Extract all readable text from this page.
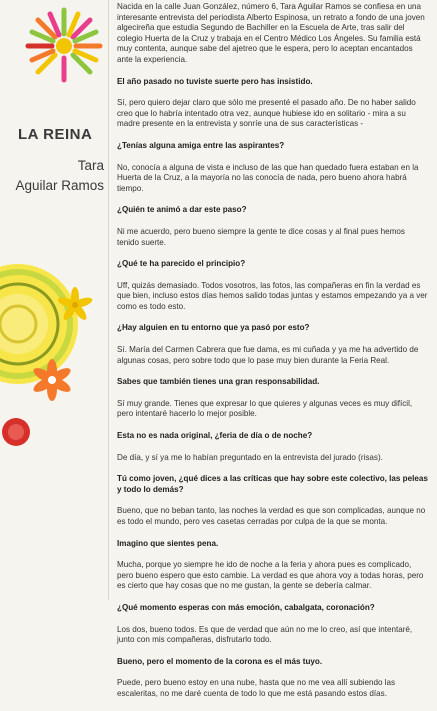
LA REINA
Tara
Aguilar Ramos

Nacida en la calle Juan González, número 6, Tara Aguilar Ramos se confiesa en una interesante entrevista del periodista Alberto Espinosa, un retrato a fondo de una joven algecireña que estudia Segundo de Bachiller en la Escuela de Arte, tras salir del colegio Huerta de la Cruz y trabaja en el Centro Médico Los Ángeles. Su familia está muy contenta, aunque sabe del ajetreo que le espera, pero lo aceptan encantados ante la experiencia.

El año pasado no tuviste suerte pero has insistido.

Sí, pero quiero dejar claro que sólo me presenté el pasado año. De no haber salido creo que lo habría intentado otra vez, aunque hubiese ido en solitario - mira a su madre presente en la entrevista y sonríe una de sus características -

¿Tenías alguna amiga entre las aspirantes?

No, conocía a alguna de vista e incluso de las que han quedado fuera estaban en la Huerta de la Cruz, a la mayoría no las conocía de nada, pero bueno ahora habrá tiempo.

¿Quién te animó a dar este paso?

Ni me acuerdo, pero bueno siempre la gente te dice cosas y al final pues hemos tenido suerte.

¿Qué te ha parecido el principio?

Uff, quizás demasiado. Todos vosotros, las fotos, las compañeras en fin la verdad es que bien, incluso estos días hemos salido todas juntas y estamos empezando ya a ver como es todo esto.

¿Hay alguien en tu entorno que ya pasó por esto?

Sí. María del Carmen Cabrera que fue dama, es mi cuñada y ya me ha advertido de algunas cosas, pero sobre todo que lo pase muy bien durante la Feria Real.

Sabes que también tienes una gran responsabilidad.

Sí muy grande. Tienes que expresar lo que quieres y algunas veces es muy difícil, pero intentaré hacerlo lo mejor posible.

Esta no es nada original, ¿feria de día o de noche?

De día, y sí ya me lo habían preguntado en la entrevista del jurado (risas).

Tú como joven, ¿qué dices a las críticas que hay sobre este colectivo, las peleas y todo lo demás?

Bueno, que no beban tanto, las noches la verdad es que son complicadas, aunque no es todo el mundo, pero ves casetas cerradas por culpa de la que se monta.

Imagino que sientes pena.

Mucha, porque yo siempre he ido de noche a la feria y ahora pues es complicado, pero bueno espero que esto cambie. La verdad es que ahora voy a todas horas, pero es cierto que hay cosas que no me gustan, la gente se debería calmar.

¿Qué momento esperas con más emoción, cabalgata, coronación?

Los dos, bueno todos. Es que de verdad que aún no me lo creo, así que intentaré, junto con mis compañeras, disfrutarlo todo.

Bueno, pero el momento de la corona es el más tuyo.

Puede, pero bueno estoy en una nube, hasta que no me vea allí subiendo las escaleritas, no me daré cuenta de todo lo que me está pasando estos días.
